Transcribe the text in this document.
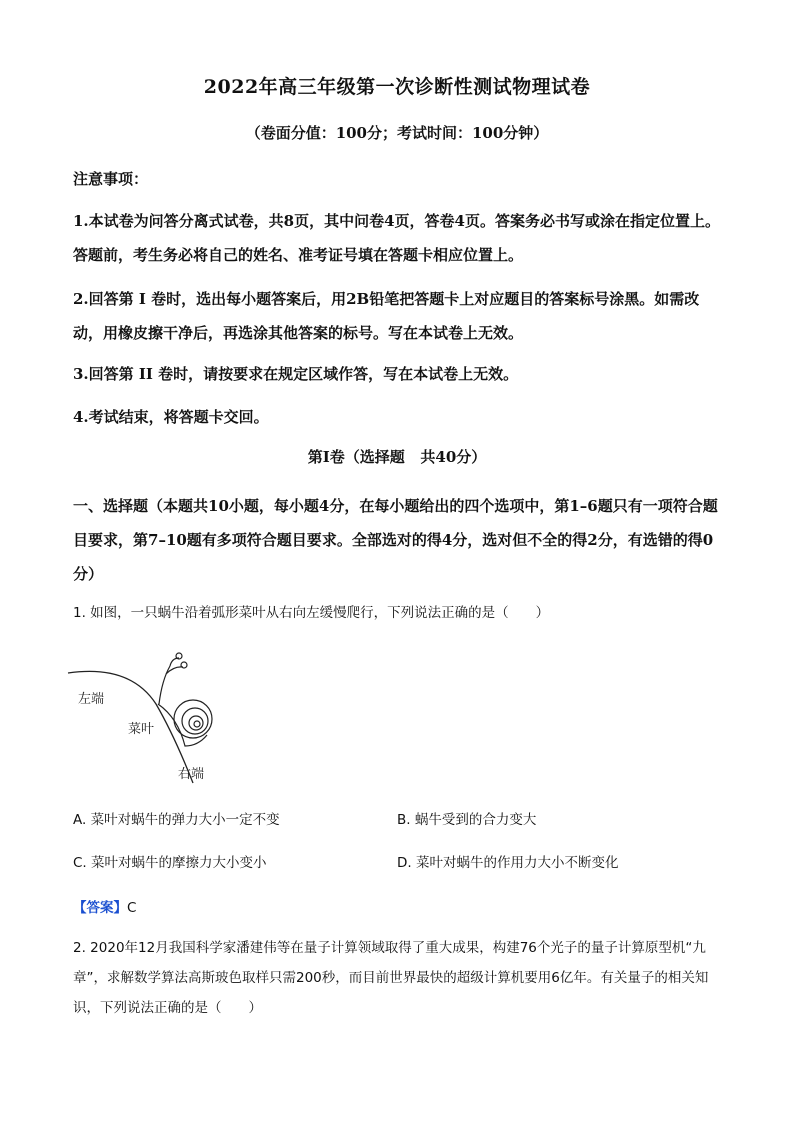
2022年高三年级第一次诊断性测试物理试卷
（卷面分值：100分；考试时间：100分钟）
注意事项：
1.本试卷为问答分离式试卷，共8页，其中问卷4页，答卷4页。答案务必书写或涂在指定位置上。答题前，考生务必将自己的姓名、准考证号填在答题卡相应位置上。
2.回答第 I 卷时，选出每小题答案后，用2B铅笔把答题卡上对应题目的答案标号涂黑。如需改动，用橡皮擦干净后，再选涂其他答案的标号。写在本试卷上无效。
3.回答第 II 卷时，请按要求在规定区域作答，写在本试卷上无效。
4.考试结束，将答题卡交回。
第Ⅰ卷（选择题   共40分）
一、选择题（本题共10小题，每小题4分，在每小题给出的四个选项中，第1–6题只有一项符合题目要求，第7–10题有多项符合题目要求。全部选对的得4分，选对但不全的得2分，有选错的得0分）
1. 如图，一只蜗牛沿着弧形菜叶从右向左缓慢爬行，下列说法正确的是（　　）
左端
菜叶
右端
A. 菜叶对蜗牛的弹力大小一定不变	B. 蜗牛受到的合力变大
C. 菜叶对蜗牛的摩擦力大小变小	D. 菜叶对蜗牛的作用力大小不断变化
【答案】C
2. 2020年12月我国科学家潘建伟等在量子计算领域取得了重大成果，构建76个光子的量子计算原型机“九章”，求解数学算法高斯玻色取样只需200秒，而目前世界最快的超级计算机要用6亿年。有关量子的相关知识，下列说法正确的是（　　）
